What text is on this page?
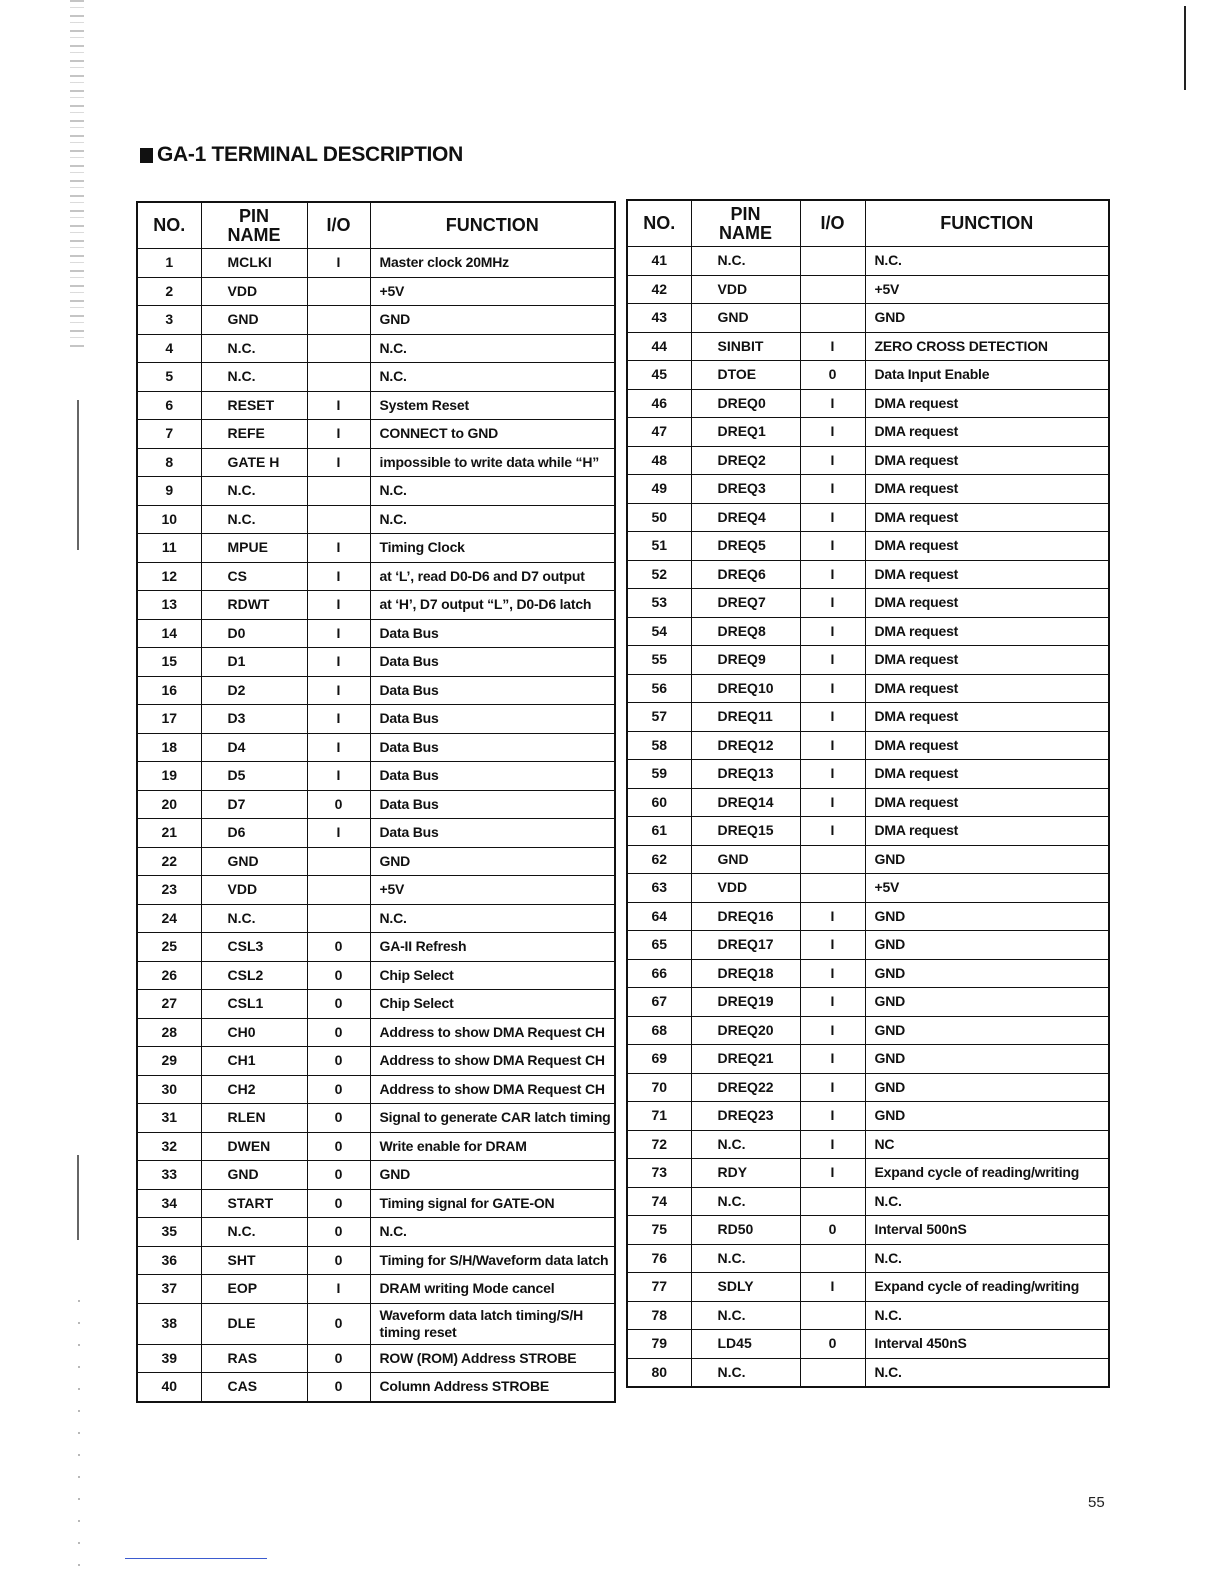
GA-1 TERMINAL DESCRIPTION
NO.	PIN NAME	I/O	FUNCTION
1	MCLKI	I	Master clock 20MHz
2	VDD		+5V
3	GND		GND
4	N.C.		N.C.
5	N.C.		N.C.
6	RESET	I	System Reset
7	REFE	I	CONNECT to GND
8	GATE H	I	impossible to write data while “H”
9	N.C.		N.C.
10	N.C.		N.C.
11	MPUE	I	Timing Clock
12	CS	I	at ‘L’, read D0-D6 and D7 output
13	RDWT	I	at ‘H’, D7 output “L”, D0-D6 latch
14	D0	I	Data Bus
15	D1	I	Data Bus
16	D2	I	Data Bus
17	D3	I	Data Bus
18	D4	I	Data Bus
19	D5	I	Data Bus
20	D7	0	Data Bus
21	D6	I	Data Bus
22	GND		GND
23	VDD		+5V
24	N.C.		N.C.
25	CSL3	0	GA-II Refresh
26	CSL2	0	Chip Select
27	CSL1	0	Chip Select
28	CH0	0	Address to show DMA Request CH
29	CH1	0	Address to show DMA Request CH
30	CH2	0	Address to show DMA Request CH
31	RLEN	0	Signal to generate CAR latch timing
32	DWEN	0	Write enable for DRAM
33	GND	0	GND
34	START	0	Timing signal for GATE-ON
35	N.C.	0	N.C.
36	SHT	0	Timing for S/H/Waveform data latch
37	EOP	I	DRAM writing Mode cancel
38	DLE	0	Waveform data latch timing/S/H timing reset
39	RAS	0	ROW (ROM) Address STROBE
40	CAS	0	Column Address STROBE
NO.	PIN NAME	I/O	FUNCTION
41	N.C.		N.C.
42	VDD		+5V
43	GND		GND
44	SINBIT	I	ZERO CROSS DETECTION
45	DTOE	0	Data Input Enable
46	DREQ0	I	DMA request
47	DREQ1	I	DMA request
48	DREQ2	I	DMA request
49	DREQ3	I	DMA request
50	DREQ4	I	DMA request
51	DREQ5	I	DMA request
52	DREQ6	I	DMA request
53	DREQ7	I	DMA request
54	DREQ8	I	DMA request
55	DREQ9	I	DMA request
56	DREQ10	I	DMA request
57	DREQ11	I	DMA request
58	DREQ12	I	DMA request
59	DREQ13	I	DMA request
60	DREQ14	I	DMA request
61	DREQ15	I	DMA request
62	GND		GND
63	VDD		+5V
64	DREQ16	I	GND
65	DREQ17	I	GND
66	DREQ18	I	GND
67	DREQ19	I	GND
68	DREQ20	I	GND
69	DREQ21	I	GND
70	DREQ22	I	GND
71	DREQ23	I	GND
72	N.C.	I	NC
73	RDY	I	Expand cycle of reading/writing
74	N.C.		N.C.
75	RD50	0	Interval 500nS
76	N.C.		N.C.
77	SDLY	I	Expand cycle of reading/writing
78	N.C.		N.C.
79	LD45	0	Interval 450nS
80	N.C.		N.C.
55
